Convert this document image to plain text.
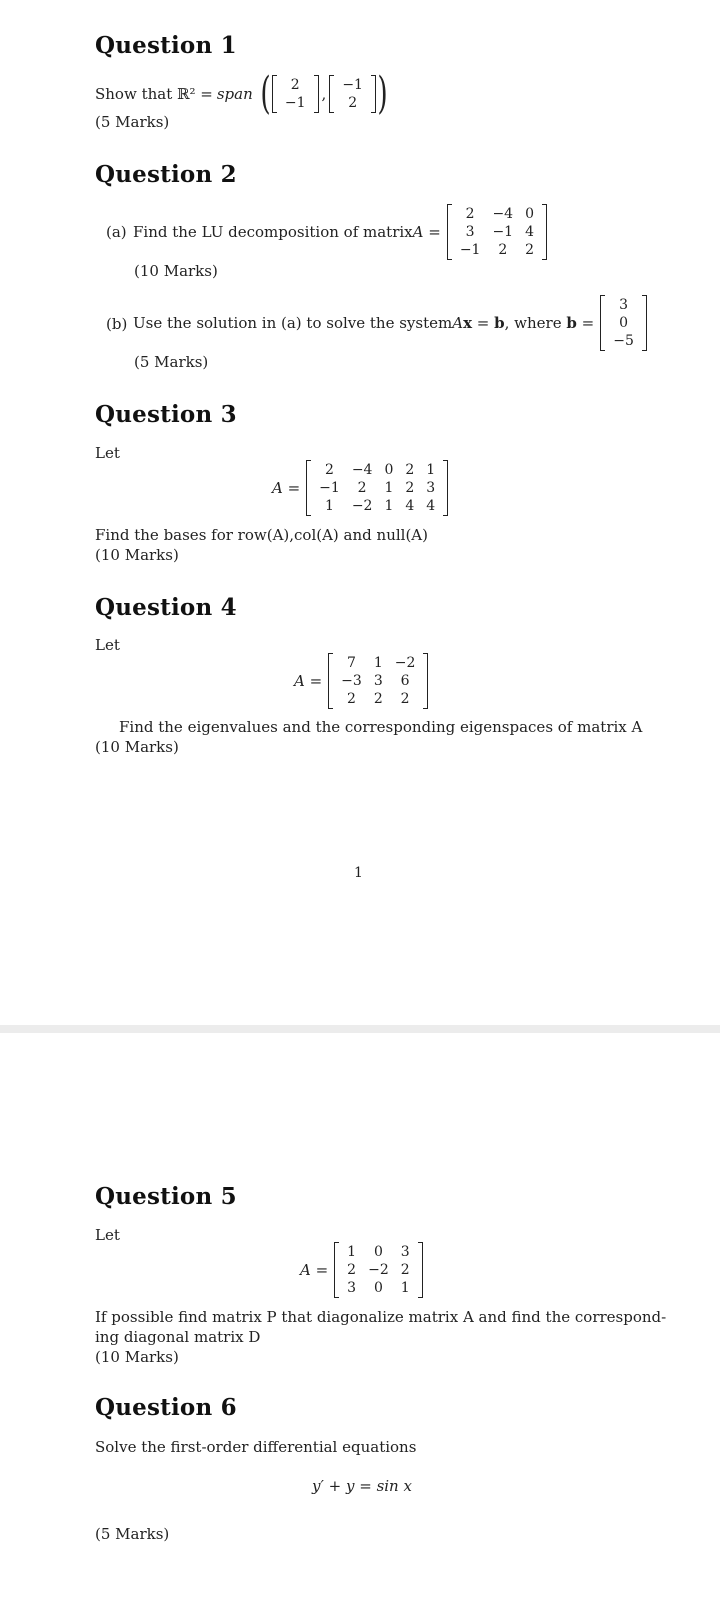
Question 1
Show that ℝ² = span (	2
−1	,	−1
2 )
(5 Marks)
Question 2
(a) Find the LU decomposition of matrix A =
2	−4 0
3	−1 4
−1	2	2
(10 Marks)
(b) Use the solution in (a) to solve the system A x = b , where b =
3
0
−5
(5 Marks)
Question 3
Let
A =
2	−4 0 2 1
−1	2	1 2 3
1	−2 1 4 4
Find the bases for row(A),col(A) and null(A)
(10 Marks)
Question 4
Let
A =
7	1 −2
−3 3	6
2	2	2
Find the eigenvalues and the corresponding eigenspaces of matrix A
(10 Marks)
1
Question 5
Let
A =
1	0	3
2 −2 2
3	0	1
If possible find matrix P that diagonalize matrix A and find the correspond-
ing diagonal matrix D
(10 Marks)
Question 6
Solve the first-order differential equations
y′ + y = sin x
(5 Marks)
